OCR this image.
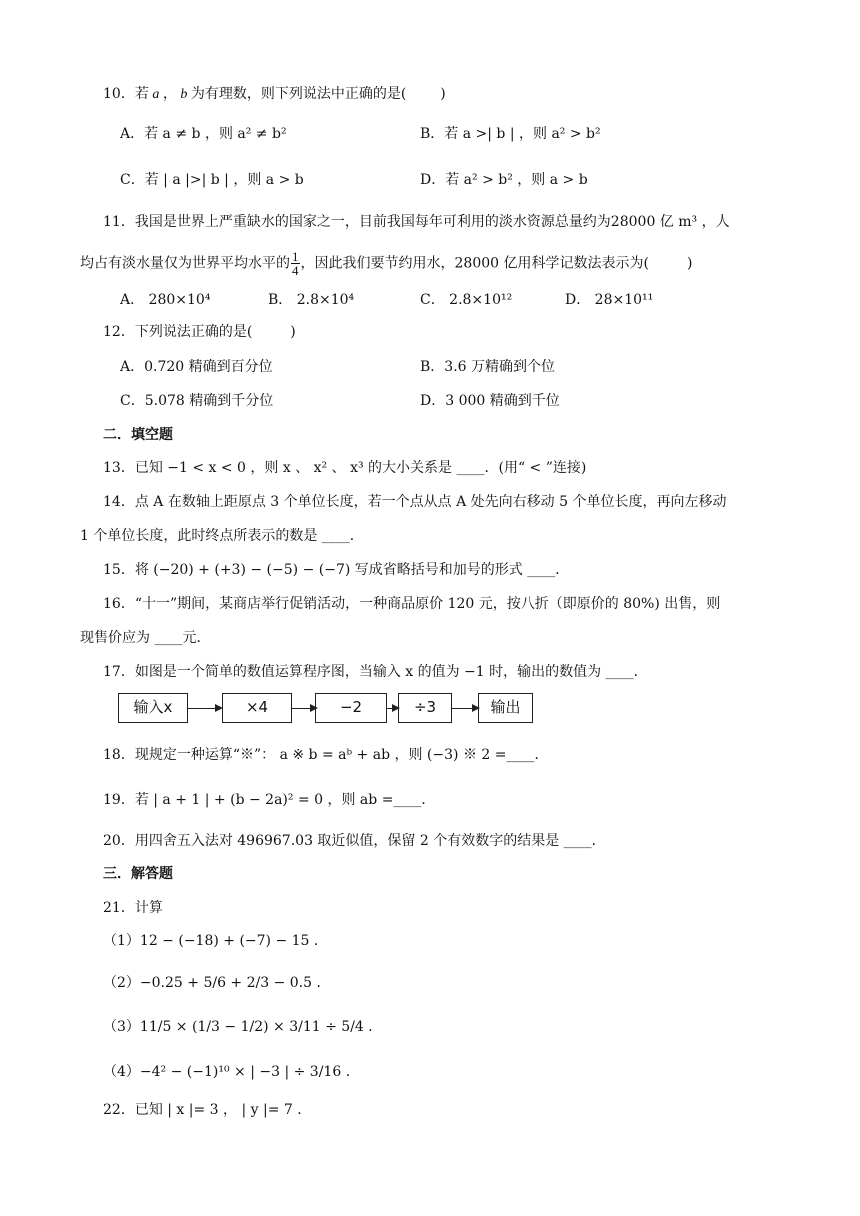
10．若 a ， b 为有理数，则下列说法中正确的是( )
A．若 a ≠ b ，则 a² ≠ b²	B．若 a >| b | ，则 a² > b²
C．若 | a |>| b | ，则 a > b	D．若 a² > b² ，则 a > b
11．我国是世界上严重缺水的国家之一，目前我国每年可利用的淡水资源总量约为28000 亿 m³ ，人
均占有淡水量仅为世界平均水平的 $\frac{1}{4}$ ，因此我们要节约用水，28000 亿用科学记数法表示为(	)
A． 280×10⁴	B． 2.8×10⁴	C． 2.8×10¹²	D． 28×10¹¹
12．下列说法正确的是(	)
A．0.720 精确到百分位	B．3.6 万精确到个位
C．5.078 精确到千分位	D．3 000 精确到千位
二．填空题
13．已知 −1 < x < 0 ，则 x 、 x² 、 x³ 的大小关系是 ____．(用“ < ”连接)
14．点 A 在数轴上距原点 3 个单位长度，若一个点从点 A 处先向右移动 5 个单位长度，再向左移动
1 个单位长度，此时终点所表示的数是 ____．
15．将 (−20) + (+3) − (−5) − (−7) 写成省略括号和加号的形式 ____．
16．“十一”期间，某商店举行促销活动，一种商品原价 120 元，按八折（即原价的 80%) 出售，则
现售价应为 ____元．
17．如图是一个简单的数值运算程序图，当输入 x 的值为 −1 时，输出的数值为 ____．
输入x	×4	−2	÷3	输出
18．现规定一种运算“※”： a ※ b = aᵇ + ab ，则 (−3) ※ 2 =____．
19．若 | a + 1 | + (b − 2a)² = 0 ，则 ab =____．
20．用四舍五入法对 496967.03 取近似值，保留 2 个有效数字的结果是 ____．
三．解答题
21．计算
（1）12 − (−18) + (−7) − 15 ．
（2）−0.25 + 5/6 + 2/3 − 0.5 ．
（3）11/5 × (1/3 − 1/2) × 3/11 ÷ 5/4 ．
（4）−4² − (−1)¹⁰ × | −3 | ÷ 3/16 ．
22．已知 | x |= 3 ， | y |= 7 ．
